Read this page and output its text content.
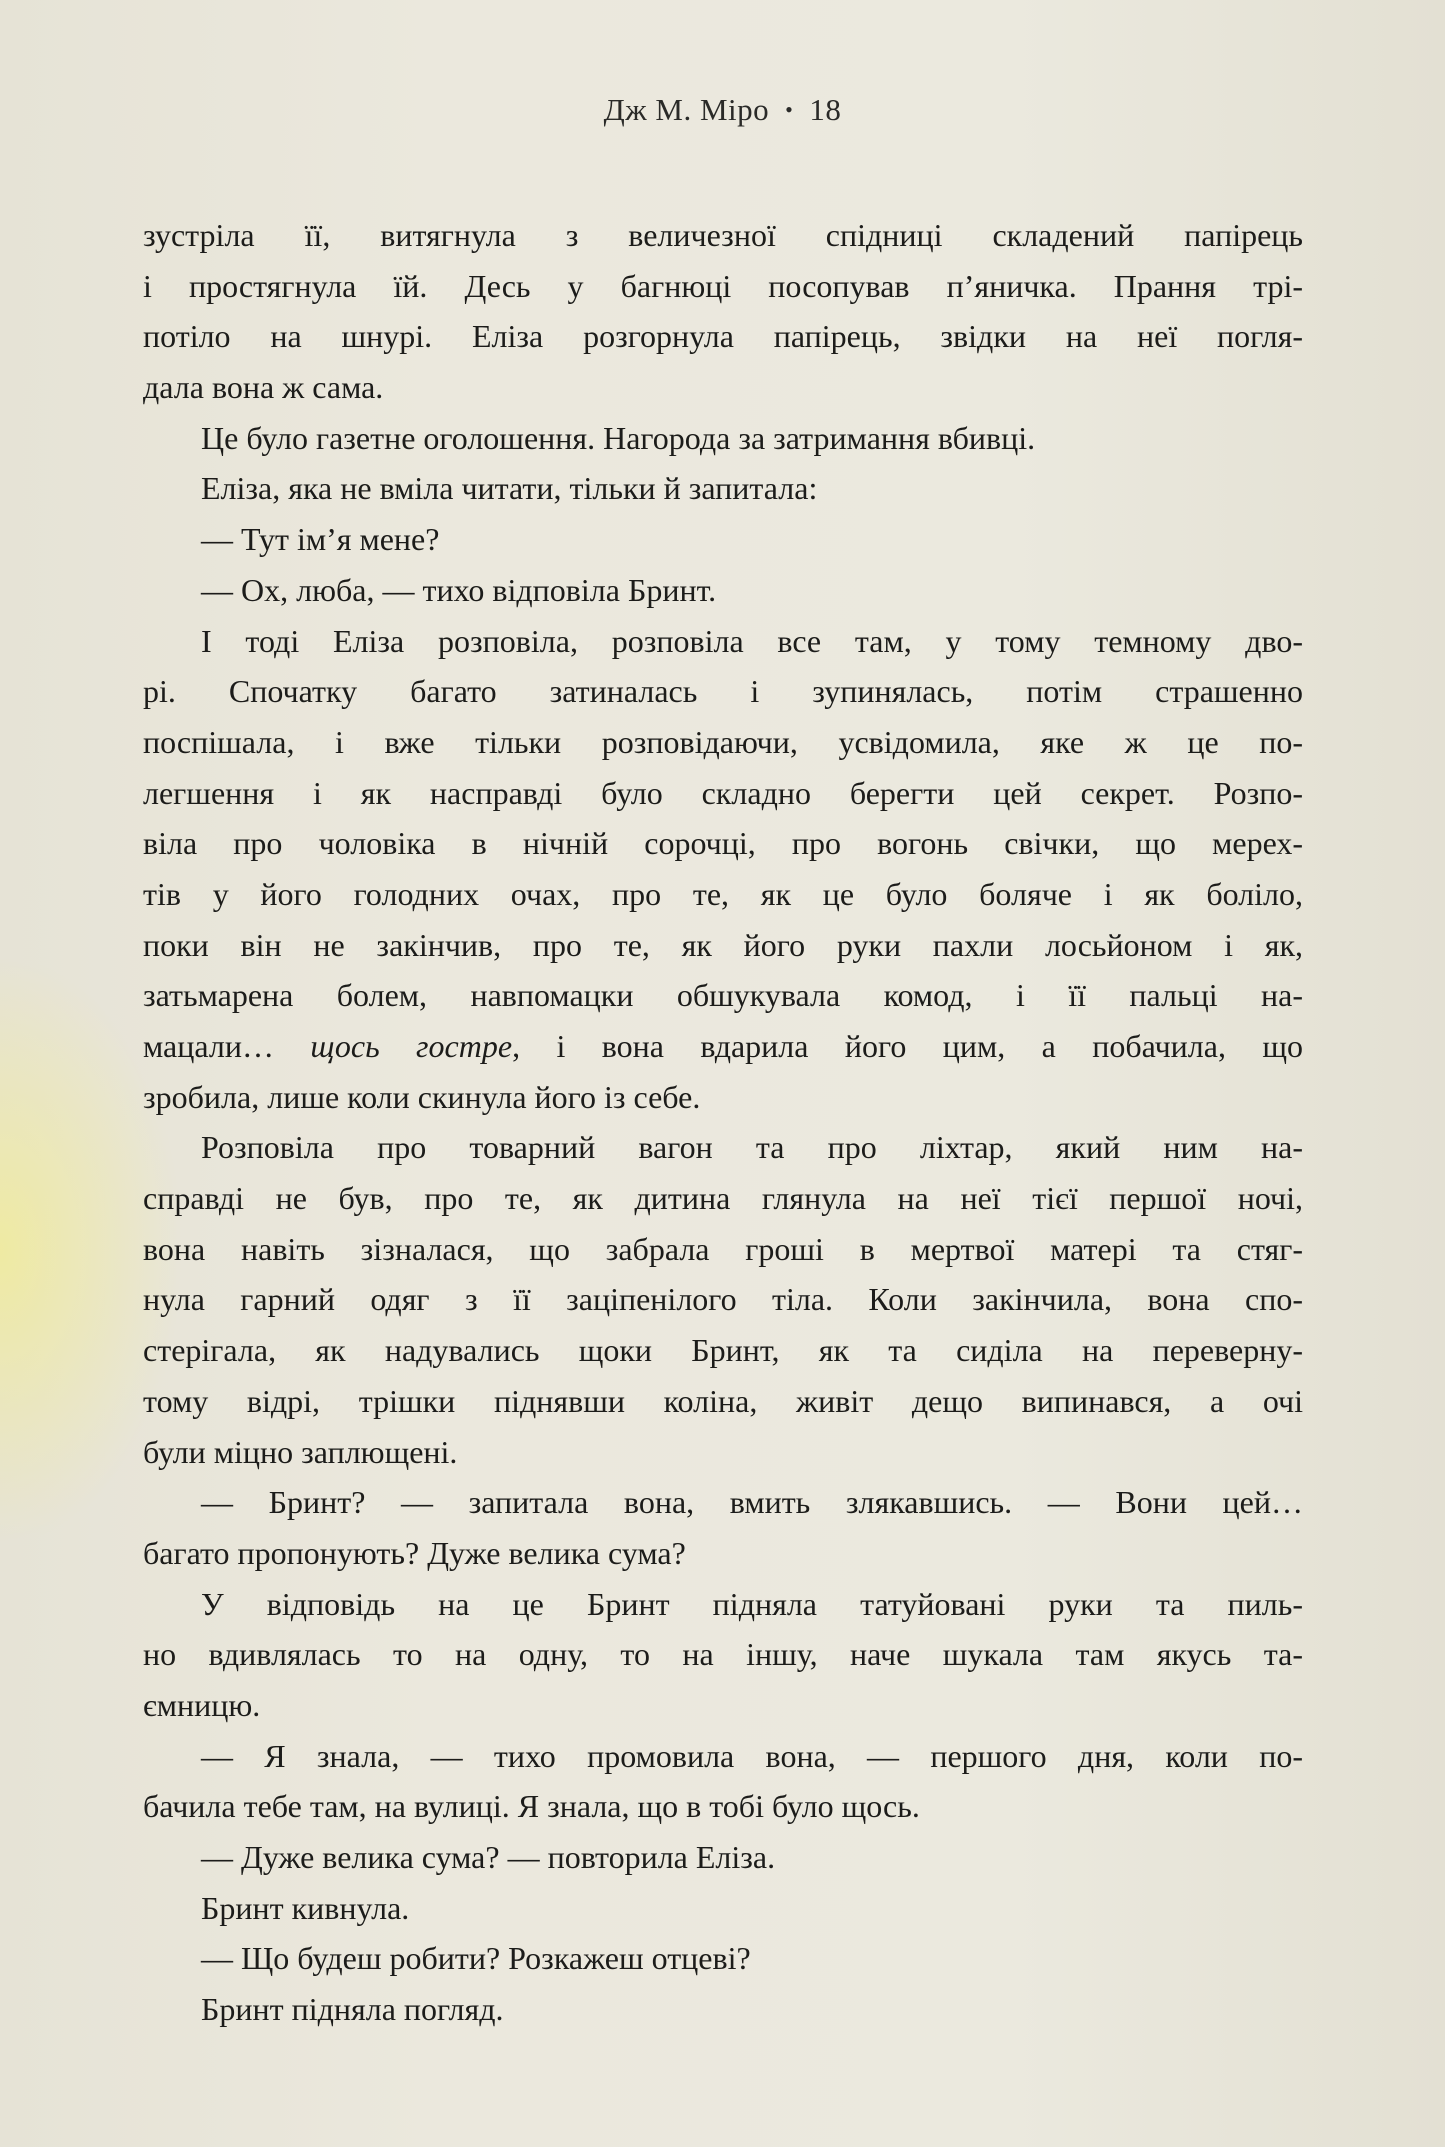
Дж М. Міро • 18
зустріла її, витягнула з величезної спідниці складений папірець
і простягнула їй. Десь у багнюці посопував п’яничка. Прання трі-
потіло на шнурі. Еліза розгорнула папірець, звідки на неї погля-
дала вона ж сама.
Це було газетне оголошення. Нагорода за затримання вбивці.
Еліза, яка не вміла читати, тільки й запитала:
— Тут ім’я мене?
— Ох, люба, — тихо відповіла Бринт.
І тоді Еліза розповіла, розповіла все там, у тому темному дво-
рі. Спочатку багато затиналась і зупинялась, потім страшенно
поспішала, і вже тільки розповідаючи, усвідомила, яке ж це по-
легшення і як насправді було складно берегти цей секрет. Розпо-
віла про чоловіка в нічній сорочці, про вогонь свічки, що мерех-
тів у його голодних очах, про те, як це було боляче і як боліло,
поки він не закінчив, про те, як його руки пахли лосьйоном і як,
затьмарена болем, навпомацки обшукувала комод, і її пальці на-
мацали… щось гостре, і вона вдарила його цим, а побачила, що
зробила, лише коли скинула його із себе.
Розповіла про товарний вагон та про ліхтар, який ним на-
справді не був, про те, як дитина глянула на неї тієї першої ночі,
вона навіть зізналася, що забрала гроші в мертвої матері та стяг-
нула гарний одяг з її заціпенілого тіла. Коли закінчила, вона спо-
стерігала, як надувались щоки Бринт, як та сиділа на переверну-
тому відрі, трішки піднявши коліна, живіт дещо випинався, а очі
були міцно заплющені.
— Бринт? — запитала вона, вмить злякавшись. — Вони цей…
багато пропонують? Дуже велика сума?
У відповідь на це Бринт підняла татуйовані руки та пиль-
но вдивлялась то на одну, то на іншу, наче шукала там якусь та-
ємницю.
— Я знала, — тихо промовила вона, — першого дня, коли по-
бачила тебе там, на вулиці. Я знала, що в тобі було щось.
— Дуже велика сума? — повторила Еліза.
Бринт кивнула.
— Що будеш робити? Розкажеш отцеві?
Бринт підняла погляд.
